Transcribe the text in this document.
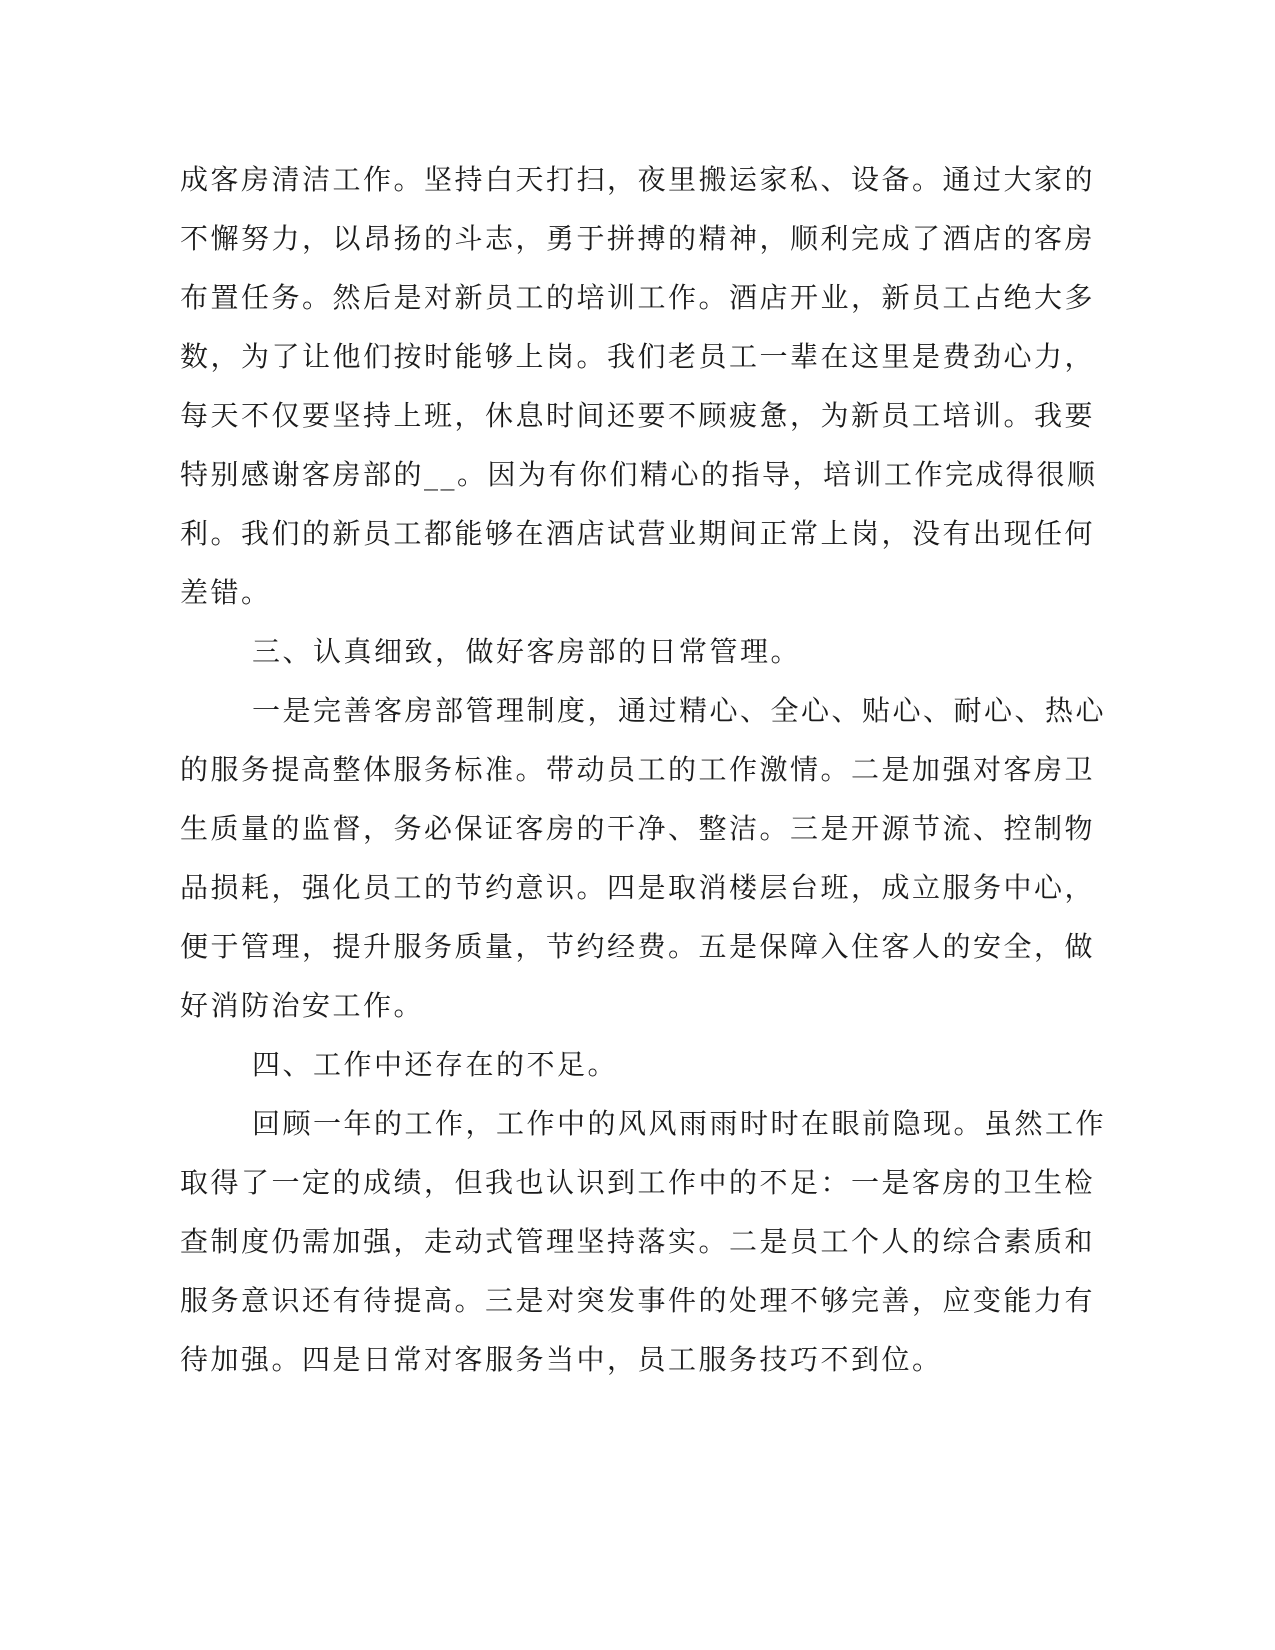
成客房清洁工作。坚持白天打扫，夜里搬运家私、设备。通过大家的
不懈努力，以昂扬的斗志，勇于拼搏的精神，顺利完成了酒店的客房
布置任务。然后是对新员工的培训工作。酒店开业，新员工占绝大多
数，为了让他们按时能够上岗。我们老员工一辈在这里是费劲心力，
每天不仅要坚持上班，休息时间还要不顾疲惫，为新员工培训。我要
特别感谢客房部的__。因为有你们精心的指导，培训工作完成得很顺
利。我们的新员工都能够在酒店试营业期间正常上岗，没有出现任何
差错。
三、认真细致，做好客房部的日常管理。
一是完善客房部管理制度，通过精心、全心、贴心、耐心、热心
的服务提高整体服务标准。带动员工的工作激情。二是加强对客房卫
生质量的监督，务必保证客房的干净、整洁。三是开源节流、控制物
品损耗，强化员工的节约意识。四是取消楼层台班，成立服务中心，
便于管理，提升服务质量，节约经费。五是保障入住客人的安全，做
好消防治安工作。
四、工作中还存在的不足。
回顾一年的工作，工作中的风风雨雨时时在眼前隐现。虽然工作
取得了一定的成绩，但我也认识到工作中的不足：一是客房的卫生检
查制度仍需加强，走动式管理坚持落实。二是员工个人的综合素质和
服务意识还有待提高。三是对突发事件的处理不够完善，应变能力有
待加强。四是日常对客服务当中，员工服务技巧不到位。
